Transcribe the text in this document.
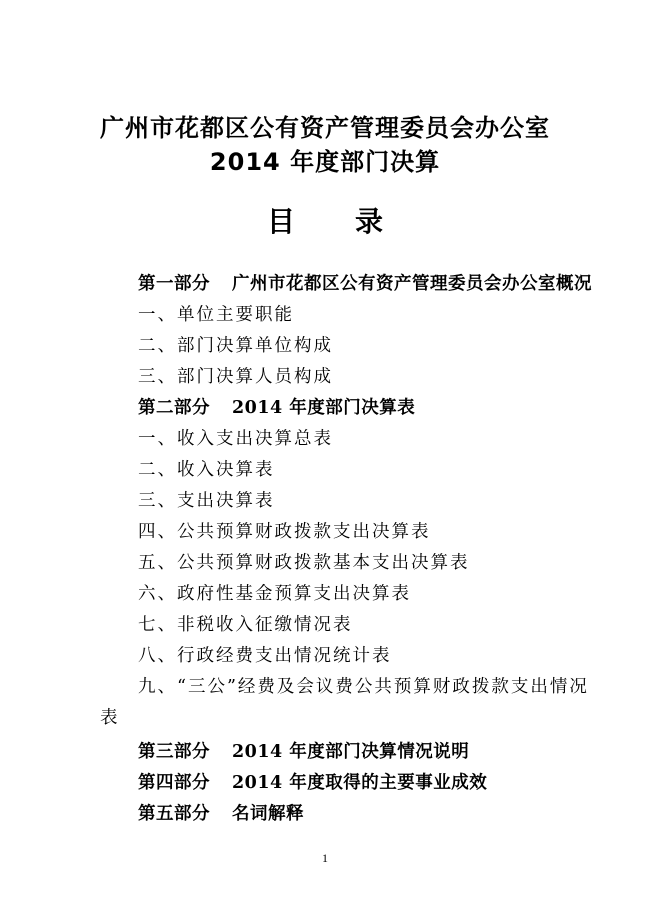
广州市花都区公有资产管理委员会办公室
2014 年度部门决算
目 录
第一部分 广州市花都区公有资产管理委员会办公室概况
一、单位主要职能
二、部门决算单位构成
三、部门决算人员构成
第二部分 2014 年度部门决算表
一、收入支出决算总表
二、收入决算表
三、支出决算表
四、公共预算财政拨款支出决算表
五、公共预算财政拨款基本支出决算表
六、政府性基金预算支出决算表
七、非税收入征缴情况表
八、行政经费支出情况统计表
九、“三公”经费及会议费公共预算财政拨款支出情况
表
第三部分 2014 年度部门决算情况说明
第四部分 2014 年度取得的主要事业成效
第五部分 名词解释
1
